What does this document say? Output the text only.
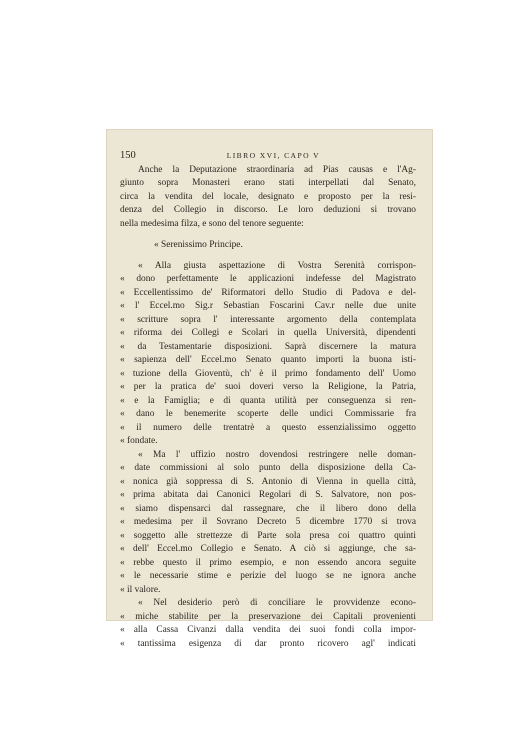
150	LIBRO XVI, CAPO V
Anche la Deputazione straordinaria ad Pias causas e l'Ag-
giunto sopra Monasteri erano stati interpellati dal Senato,
circa la vendita del locale, designato e proposto per la resi-
denza del Collegio in discorso. Le loro deduzioni si trovano
nella medesima filza, e sono del tenore seguente:
« Serenissimo Principe.
« Alla giusta aspettazione di Vostra Serenità corrispon-
« dono perfettamente le applicazioni indefesse del Magistrato
« Eccellentissimo de' Riformatori dello Studio di Padova e del-
« l' Eccel.mo Sig.r Sebastian Foscarini Cav.r nelle due unite
« scritture sopra l' interessante argomento della contemplata
« riforma dei Collegi e Scolari in quella Università, dipendenti
« da Testamentarie disposizioni. Saprà discernere la matura
« sapienza dell' Eccel.mo Senato quanto importi la buona isti-
« tuzione della Gioventù, ch' è il primo fondamento dell' Uomo
« per la pratica de' suoi doveri verso la Religione, la Patria,
« e la Famiglia; e di quanta utilità per conseguenza si ren-
« dano le benemerite scoperte delle undici Commissarie fra
« il numero delle trentatrè a questo essenzialissimo oggetto
« fondate.
« Ma l' uffizio nostro dovendosi restringere nelle doman-
« date commissioni al solo punto della disposizione della Ca-
« nonica già soppressa di S. Antonio di Vienna in quella città,
« prima abitata dai Canonici Regolari di S. Salvatore, non pos-
« siamo dispensarci dal rassegnare, che il libero dono della
« medesima per il Sovrano Decreto 5 dicembre 1770 si trova
« soggetto alle strettezze di Parte sola presa coi quattro quinti
« dell' Eccel.mo Collegio e Senato. A ciò si aggiunge, che sa-
« rebbe questo il primo esempio, e non essendo ancora seguite
« le necessarie stime e perizie del luogo se ne ignora anche
« il valore.
« Nel desiderio però di conciliare le provvidenze econo-
« miche stabilite per la preservazione dei Capitali provenienti
« alla Cassa Civanzi dalla vendita dei suoi fondi colla impor-
« tantissima esigenza di dar pronto ricovero agl' indicati
